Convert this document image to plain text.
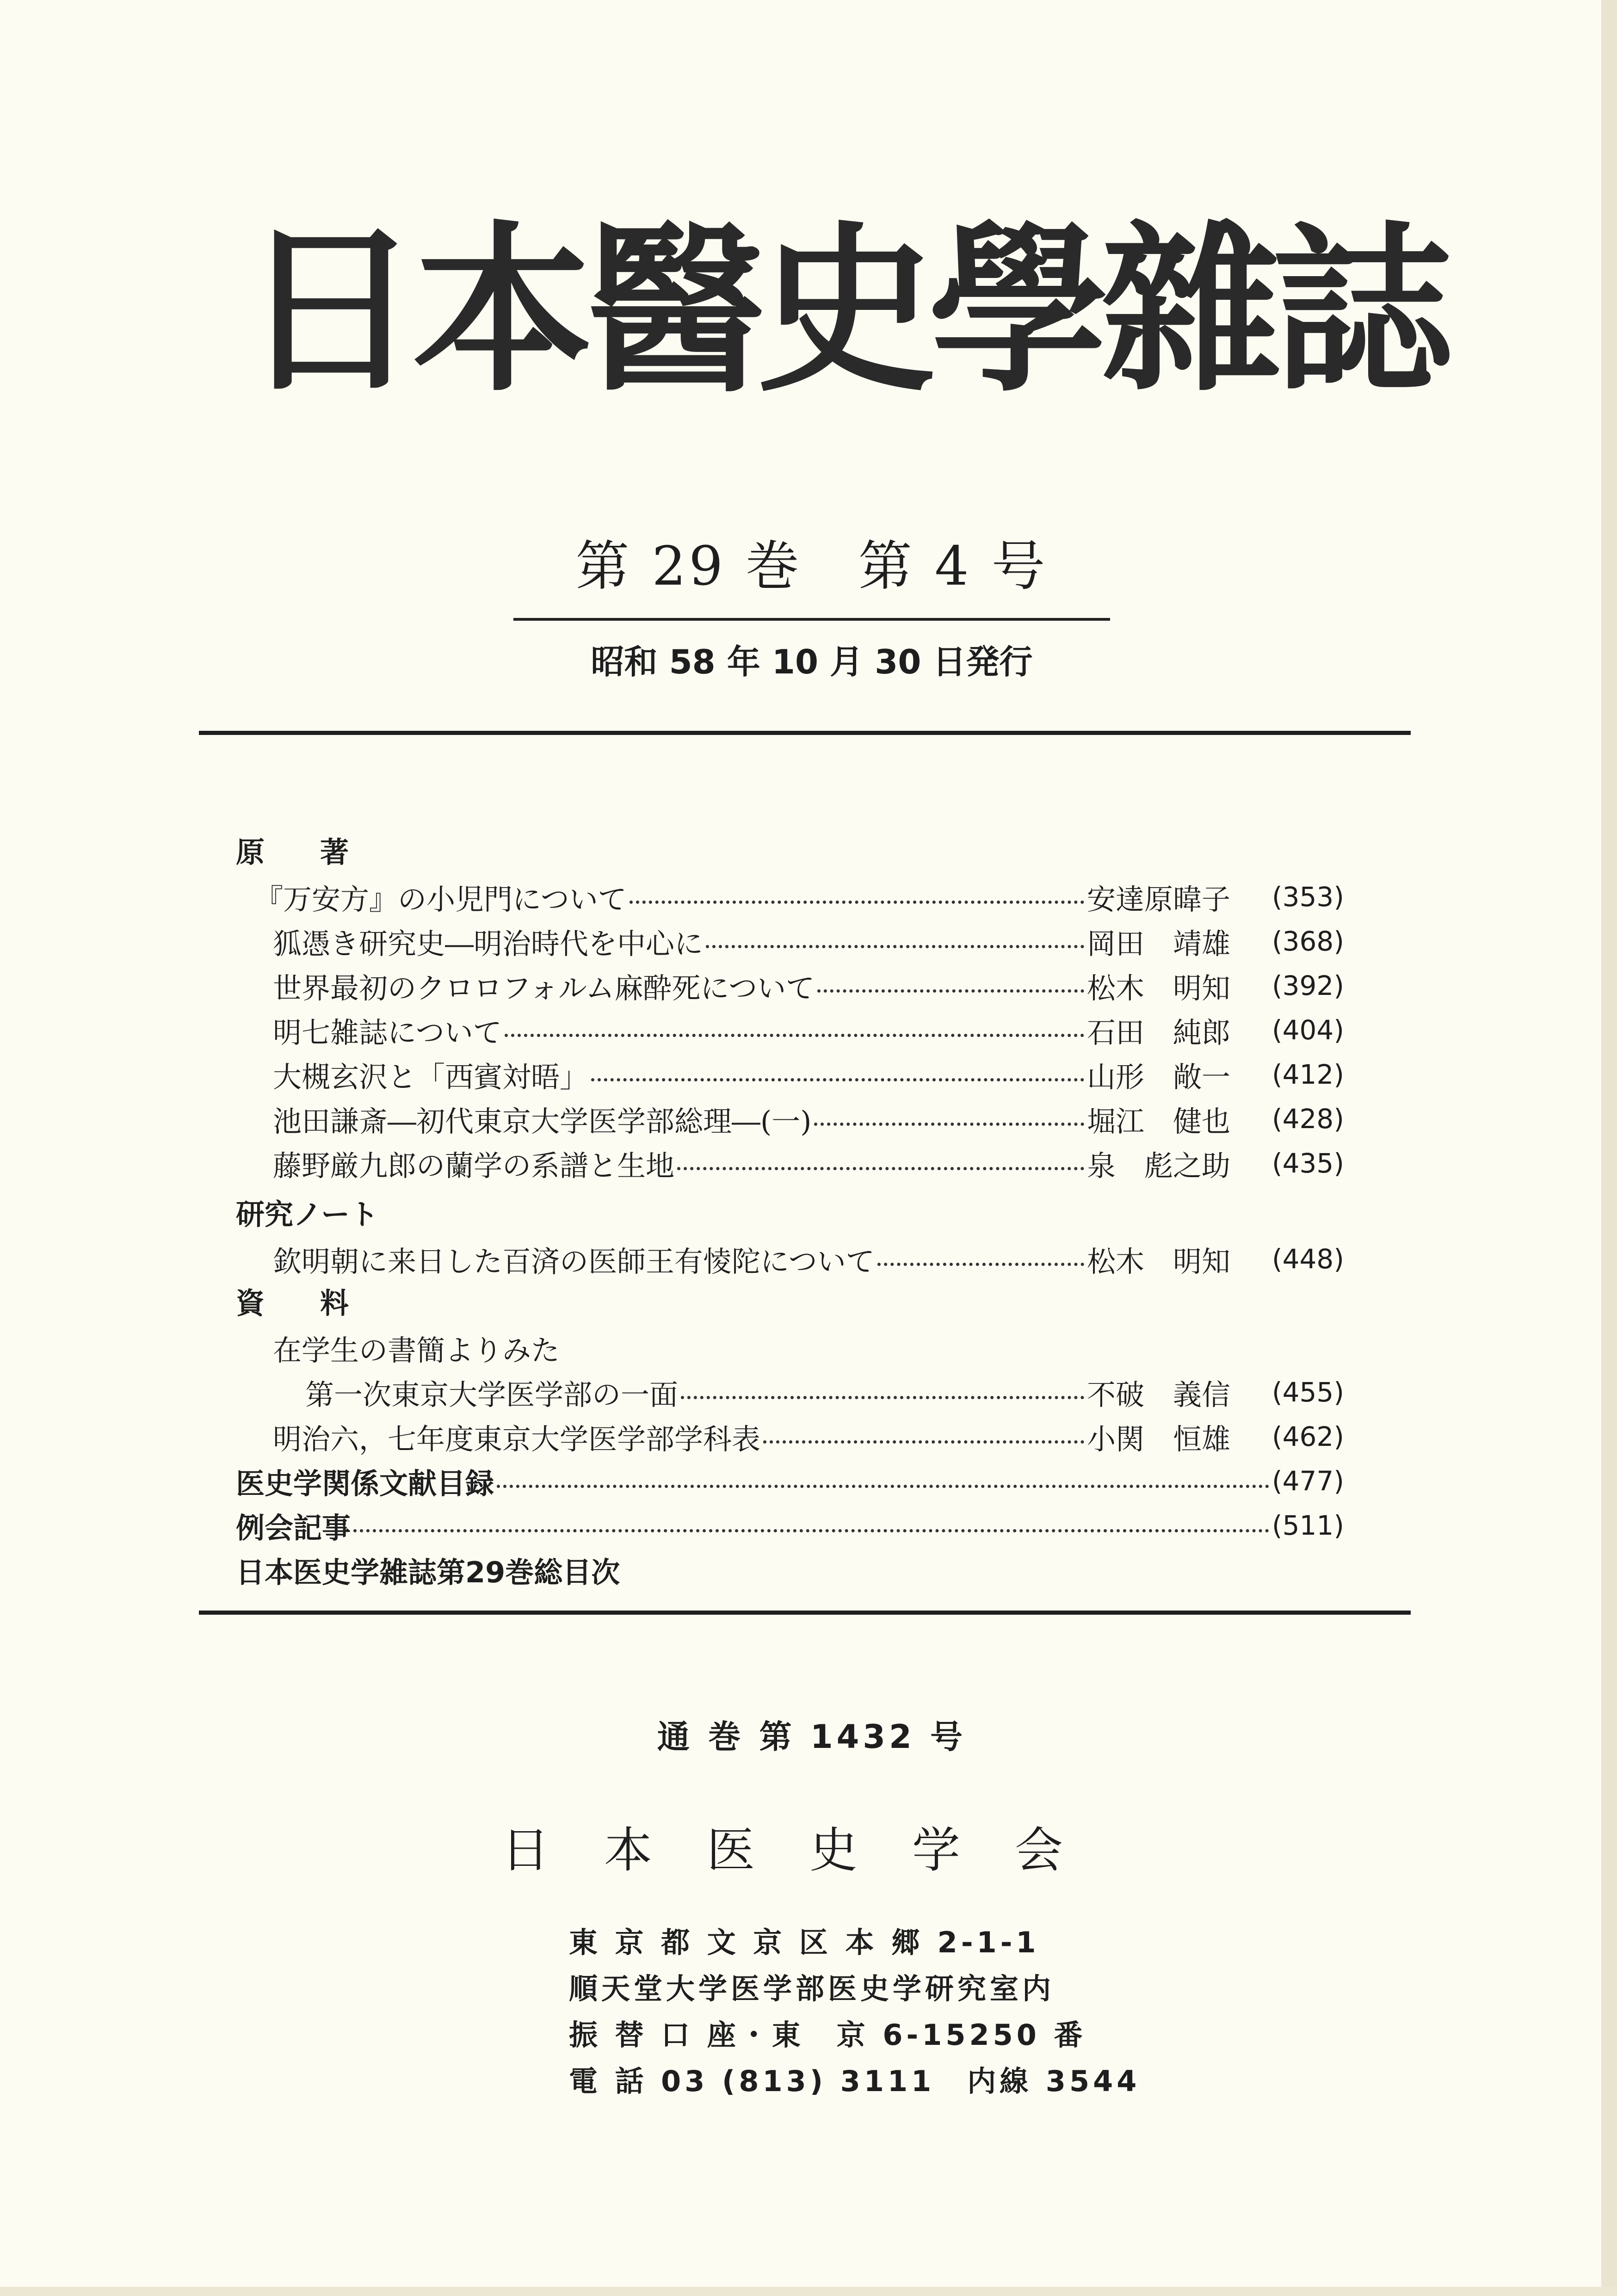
日本醫史學雜誌
第 29 巻　第 4 号
昭和 58 年 10 月 30 日発行
原著
『万安方』の小児門について	安達原暐子	(353)
狐憑き研究史―明治時代を中心に	岡田　靖雄	(368)
世界最初のクロロフォルム麻酔死について	松木　明知	(392)
明七雑誌について	石田　純郎	(404)
大槻玄沢と「西賓対晤」	山形　敞一	(412)
池田謙斎―初代東京大学医学部総理―(一)	堀江　健也	(428)
藤野厳九郎の蘭学の系譜と生地	泉　彪之助	(435)
研究ノート
欽明朝に来日した百済の医師王有㥄陀について	松木　明知	(448)
資料
在学生の書簡よりみた
第一次東京大学医学部の一面	不破　義信	(455)
明治六，七年度東京大学医学部学科表	小関　恒雄	(462)
医史学関係文献目録	(477)
例会記事	(511)
日本医史学雑誌第29巻総目次
通 巻 第 1432 号
日本医史学会
東 京 都 文 京 区 本 郷 2-1-1
順天堂大学医学部医史学研究室内
振 替 口 座・東　京 6-15250 番
電 話 03 (813) 3111　内線 3544
